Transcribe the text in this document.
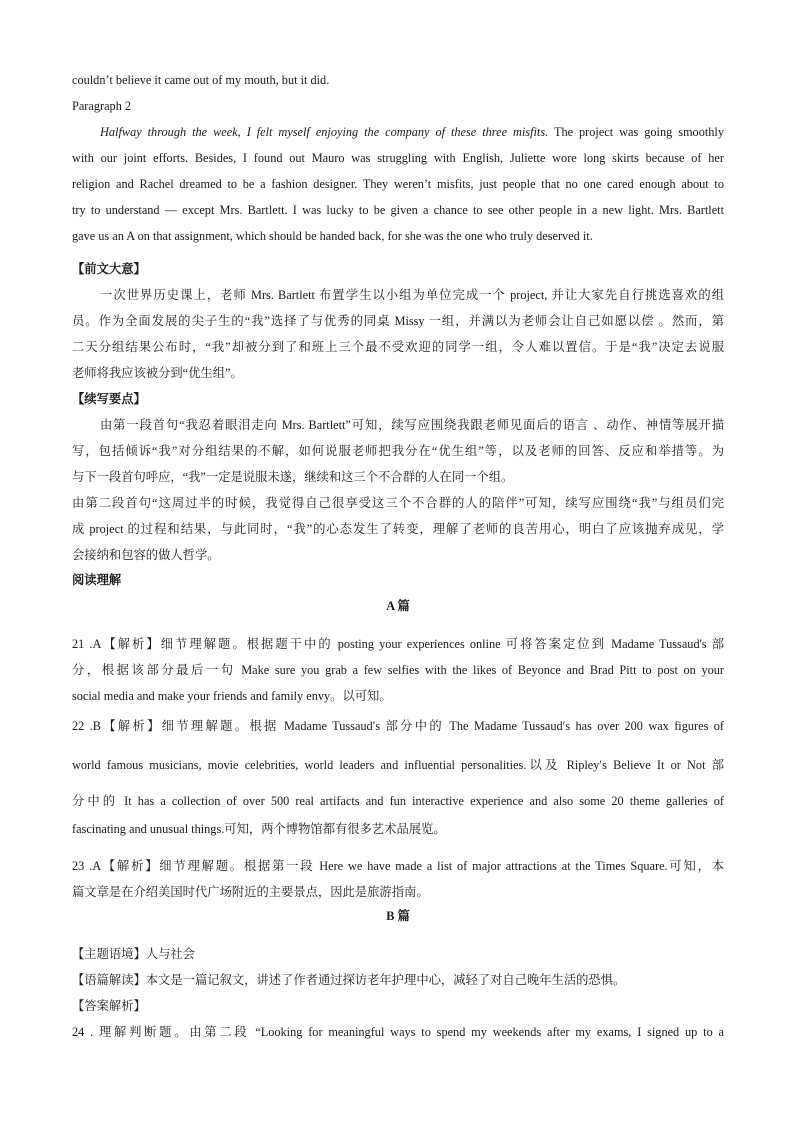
couldn’t believe it came out of my mouth, but it did.
Paragraph 2
Halfway through the week, I felt myself enjoying the company of these three misfits. The project was going smoothly
with our joint efforts. Besides, I found out Mauro was struggling with English, Juliette wore long skirts because of her
religion and Rachel dreamed to be a fashion designer. They weren’t misfits, just people that no one cared enough about to
try to understand — except Mrs. Bartlett. I was lucky to be given a chance to see other people in a new light. Mrs. Bartlett
gave us an A on that assignment, which should be handed back, for she was the one who truly deserved it.
【前文大意】
一次世界历史课上，老师 Mrs. Bartlett 布置学生以小组为单位完成一个 project, 并让大家先自行挑选喜欢的组
员。作为全面发展的尖子生的“我”选择了与优秀的同桌 Missy 一组，并满以为老师会让自己如愿以偿 。然而，第
二天分组结果公布时，“我”却被分到了和班上三个最不受欢迎的同学一组，令人难以置信。于是“我”决定去说服
老师将我应该被分到“优生组”。
【续写要点】
由第一段首句“我忍着眼泪走向 Mrs. Bartlett”可知，续写应围绕我跟老师见面后的语言 、动作、神情等展开描
写，包括倾诉“我”对分组结果的不解，如何说服老师把我分在“优生组”等，以及老师的回答、反应和举措等。为
与下一段首句呼应，“我”一定是说服未遂，继续和这三个不合群的人在同一个组。
由第二段首句“这周过半的时候，我觉得自己很享受这三个不合群的人的陪伴”可知，续写应围绕“我”与组员们完
成 project 的过程和结果，与此同时，“我”的心态发生了转变，理解了老师的良苦用心，明白了应该抛弃成见，学
会接纳和包容的做人哲学。
阅读理解
A 篇
21 .A【解析】细节理解题。根据题干中的 posting your experiences online 可将答案定位到 Madame Tussaud's 部
分，根据该部分最后一句 Make sure you grab a few selfies with the likes of Beyonce and Brad Pitt to post on your
social media and make your friends and family envy。以可知。
22 .B【解析】细节理解题。根据 Madame Tussaud′s 部分中的 The Madame Tussaud′s has over 200 wax figures of
world famous musicians, movie celebrities, world leaders and influential personalities.以及 Ripley′s Believe It or Not 部
分中的 It has a collection of over 500 real artifacts and fun interactive experience and also some 20 theme galleries of
fascinating and unusual things.可知，两个博物馆都有很多艺术品展览。
23 .A【解析】细节理解题。根据第一段 Here we have made a list of major attractions at the Times Square.可知，本
篇文章是在介绍美国时代广场附近的主要景点，因此是旅游指南。
B 篇
【主题语境】人与社会
【语篇解读】本文是一篇记叙文，讲述了作者通过探访老年护理中心，减轻了对自己晚年生活的恐惧。
【答案解析】
24 . 理解判断题。由第二段 “Looking for meaningful ways to spend my weekends after my exams, I signed up to a
